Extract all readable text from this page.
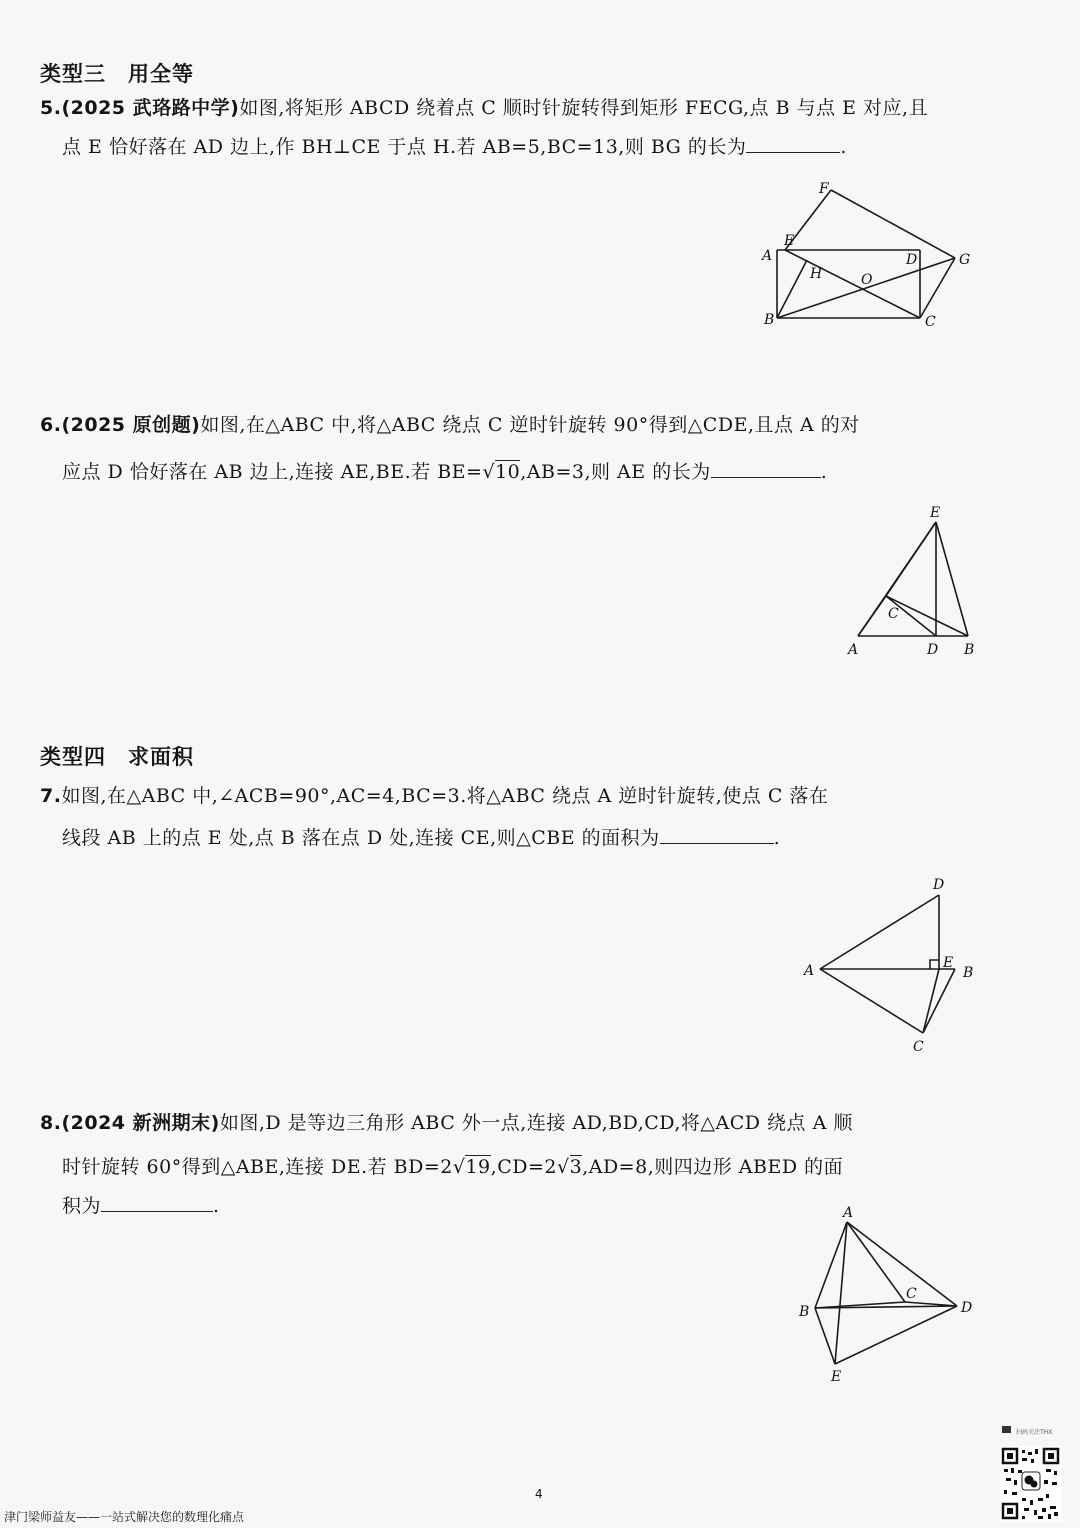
类型三 用全等
5.(2025 武珞路中学)如图,将矩形 ABCD 绕着点 C 顺时针旋转得到矩形 FECG,点 B 与点 E 对应,且
点 E 恰好落在 AD 边上,作 BH⊥CE 于点 H.若 AB=5,BC=13,则 BG 的长为	.
F
A
E
D	G
H	O
B	C
6.(2025 原创题)如图,在△ABC 中,将△ABC 绕点 C 逆时针旋转 90°得到△CDE,且点 A 的对
应点 D 恰好落在 AB 边上,连接 AE,BE.若 BE=√10,AB=3,则 AE 的长为	.
E
C
A	D B
类型四 求面积
7.如图,在△ABC 中,∠ACB=90°,AC=4,BC=3.将△ABC 绕点 A 逆时针旋转,使点 C 落在
线段 AB 上的点 E 处,点 B 落在点 D 处,连接 CE,则△CBE 的面积为	.
D
A	E
B
C
8.(2024 新洲期末)如图,D 是等边三角形 ABC 外一点,连接 AD,BD,CD,将△ACD 绕点 A 顺
时针旋转 60°得到△ABE,连接 DE.若 BD=2√19,CD=2√3,AD=8,则四边形 ABED 的面
积为	.	A
B
C
D
E
4
津门梁师益友——一站式解决您的数理化痛点
扫码关注THX
